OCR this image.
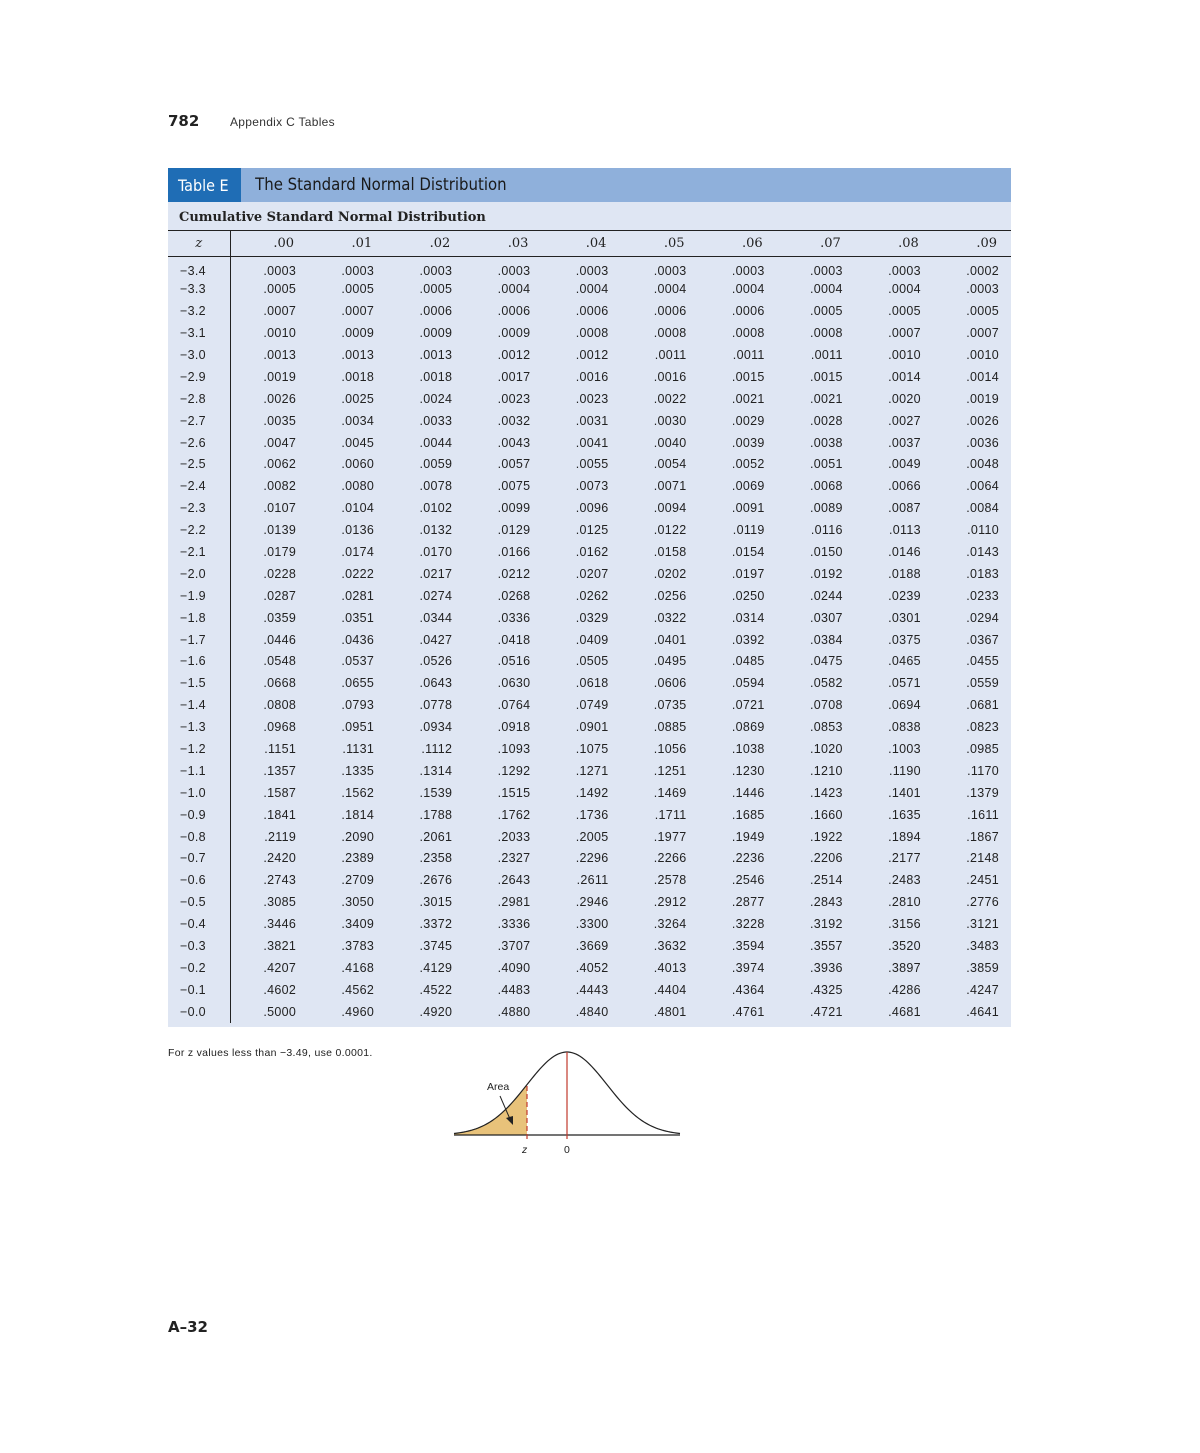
782	Appendix C Tables
Table E	The Standard Normal Distribution
Cumulative Standard Normal Distribution
z	.00	.01	.02	.03	.04	.05	.06	.07	.08	.09
−3.4	.0003	.0003	.0003	.0003	.0003	.0003	.0003	.0003	.0003	.0002
−3.3	.0005	.0005	.0005	.0004	.0004	.0004	.0004	.0004	.0004	.0003
−3.2	.0007	.0007	.0006	.0006	.0006	.0006	.0006	.0005	.0005	.0005
−3.1	.0010	.0009	.0009	.0009	.0008	.0008	.0008	.0008	.0007	.0007
−3.0	.0013	.0013	.0013	.0012	.0012	.0011	.0011	.0011	.0010	.0010
−2.9	.0019	.0018	.0018	.0017	.0016	.0016	.0015	.0015	.0014	.0014
−2.8	.0026	.0025	.0024	.0023	.0023	.0022	.0021	.0021	.0020	.0019
−2.7	.0035	.0034	.0033	.0032	.0031	.0030	.0029	.0028	.0027	.0026
−2.6	.0047	.0045	.0044	.0043	.0041	.0040	.0039	.0038	.0037	.0036
−2.5	.0062	.0060	.0059	.0057	.0055	.0054	.0052	.0051	.0049	.0048
−2.4	.0082	.0080	.0078	.0075	.0073	.0071	.0069	.0068	.0066	.0064
−2.3	.0107	.0104	.0102	.0099	.0096	.0094	.0091	.0089	.0087	.0084
−2.2	.0139	.0136	.0132	.0129	.0125	.0122	.0119	.0116	.0113	.0110
−2.1	.0179	.0174	.0170	.0166	.0162	.0158	.0154	.0150	.0146	.0143
−2.0	.0228	.0222	.0217	.0212	.0207	.0202	.0197	.0192	.0188	.0183
−1.9	.0287	.0281	.0274	.0268	.0262	.0256	.0250	.0244	.0239	.0233
−1.8	.0359	.0351	.0344	.0336	.0329	.0322	.0314	.0307	.0301	.0294
−1.7	.0446	.0436	.0427	.0418	.0409	.0401	.0392	.0384	.0375	.0367
−1.6	.0548	.0537	.0526	.0516	.0505	.0495	.0485	.0475	.0465	.0455
−1.5	.0668	.0655	.0643	.0630	.0618	.0606	.0594	.0582	.0571	.0559
−1.4	.0808	.0793	.0778	.0764	.0749	.0735	.0721	.0708	.0694	.0681
−1.3	.0968	.0951	.0934	.0918	.0901	.0885	.0869	.0853	.0838	.0823
−1.2	.1151	.1131	.1112	.1093	.1075	.1056	.1038	.1020	.1003	.0985
−1.1	.1357	.1335	.1314	.1292	.1271	.1251	.1230	.1210	.1190	.1170
−1.0	.1587	.1562	.1539	.1515	.1492	.1469	.1446	.1423	.1401	.1379
−0.9	.1841	.1814	.1788	.1762	.1736	.1711	.1685	.1660	.1635	.1611
−0.8	.2119	.2090	.2061	.2033	.2005	.1977	.1949	.1922	.1894	.1867
−0.7	.2420	.2389	.2358	.2327	.2296	.2266	.2236	.2206	.2177	.2148
−0.6	.2743	.2709	.2676	.2643	.2611	.2578	.2546	.2514	.2483	.2451
−0.5	.3085	.3050	.3015	.2981	.2946	.2912	.2877	.2843	.2810	.2776
−0.4	.3446	.3409	.3372	.3336	.3300	.3264	.3228	.3192	.3156	.3121
−0.3	.3821	.3783	.3745	.3707	.3669	.3632	.3594	.3557	.3520	.3483
−0.2	.4207	.4168	.4129	.4090	.4052	.4013	.3974	.3936	.3897	.3859
−0.1	.4602	.4562	.4522	.4483	.4443	.4404	.4364	.4325	.4286	.4247
−0.0	.5000	.4960	.4920	.4880	.4840	.4801	.4761	.4721	.4681	.4641
For z values less than −3.49, use 0.0001.
Area
z	0
A–32
